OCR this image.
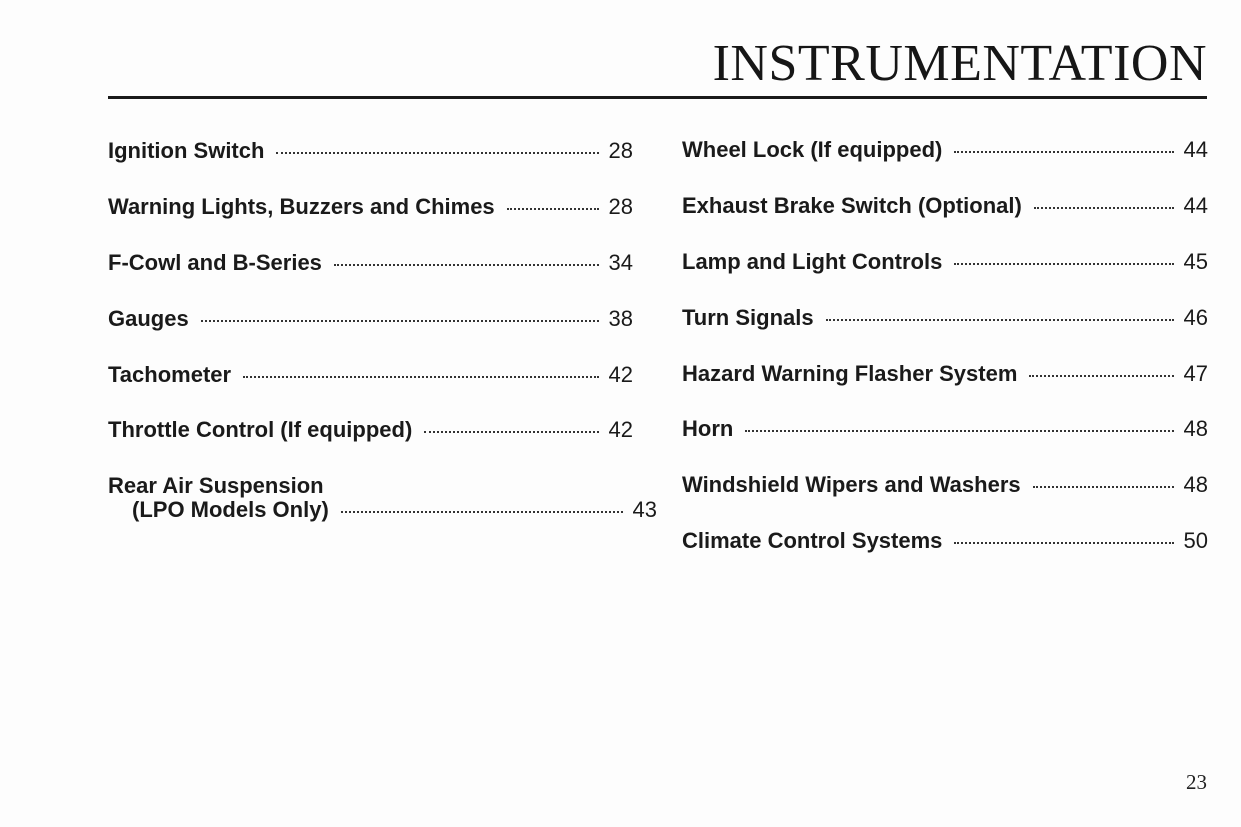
INSTRUMENTATION
Ignition Switch	28
Warning Lights, Buzzers and Chimes	28
F-Cowl and B-Series	34
Gauges	38
Tachometer	42
Throttle Control (If equipped)	42
Rear Air Suspension
(LPO Models Only)	43
Wheel Lock (If equipped)	44
Exhaust Brake Switch (Optional)	44
Lamp and Light Controls	45
Turn Signals	46
Hazard Warning Flasher System	47
Horn	48
Windshield Wipers and Washers	48
Climate Control Systems	50
23
